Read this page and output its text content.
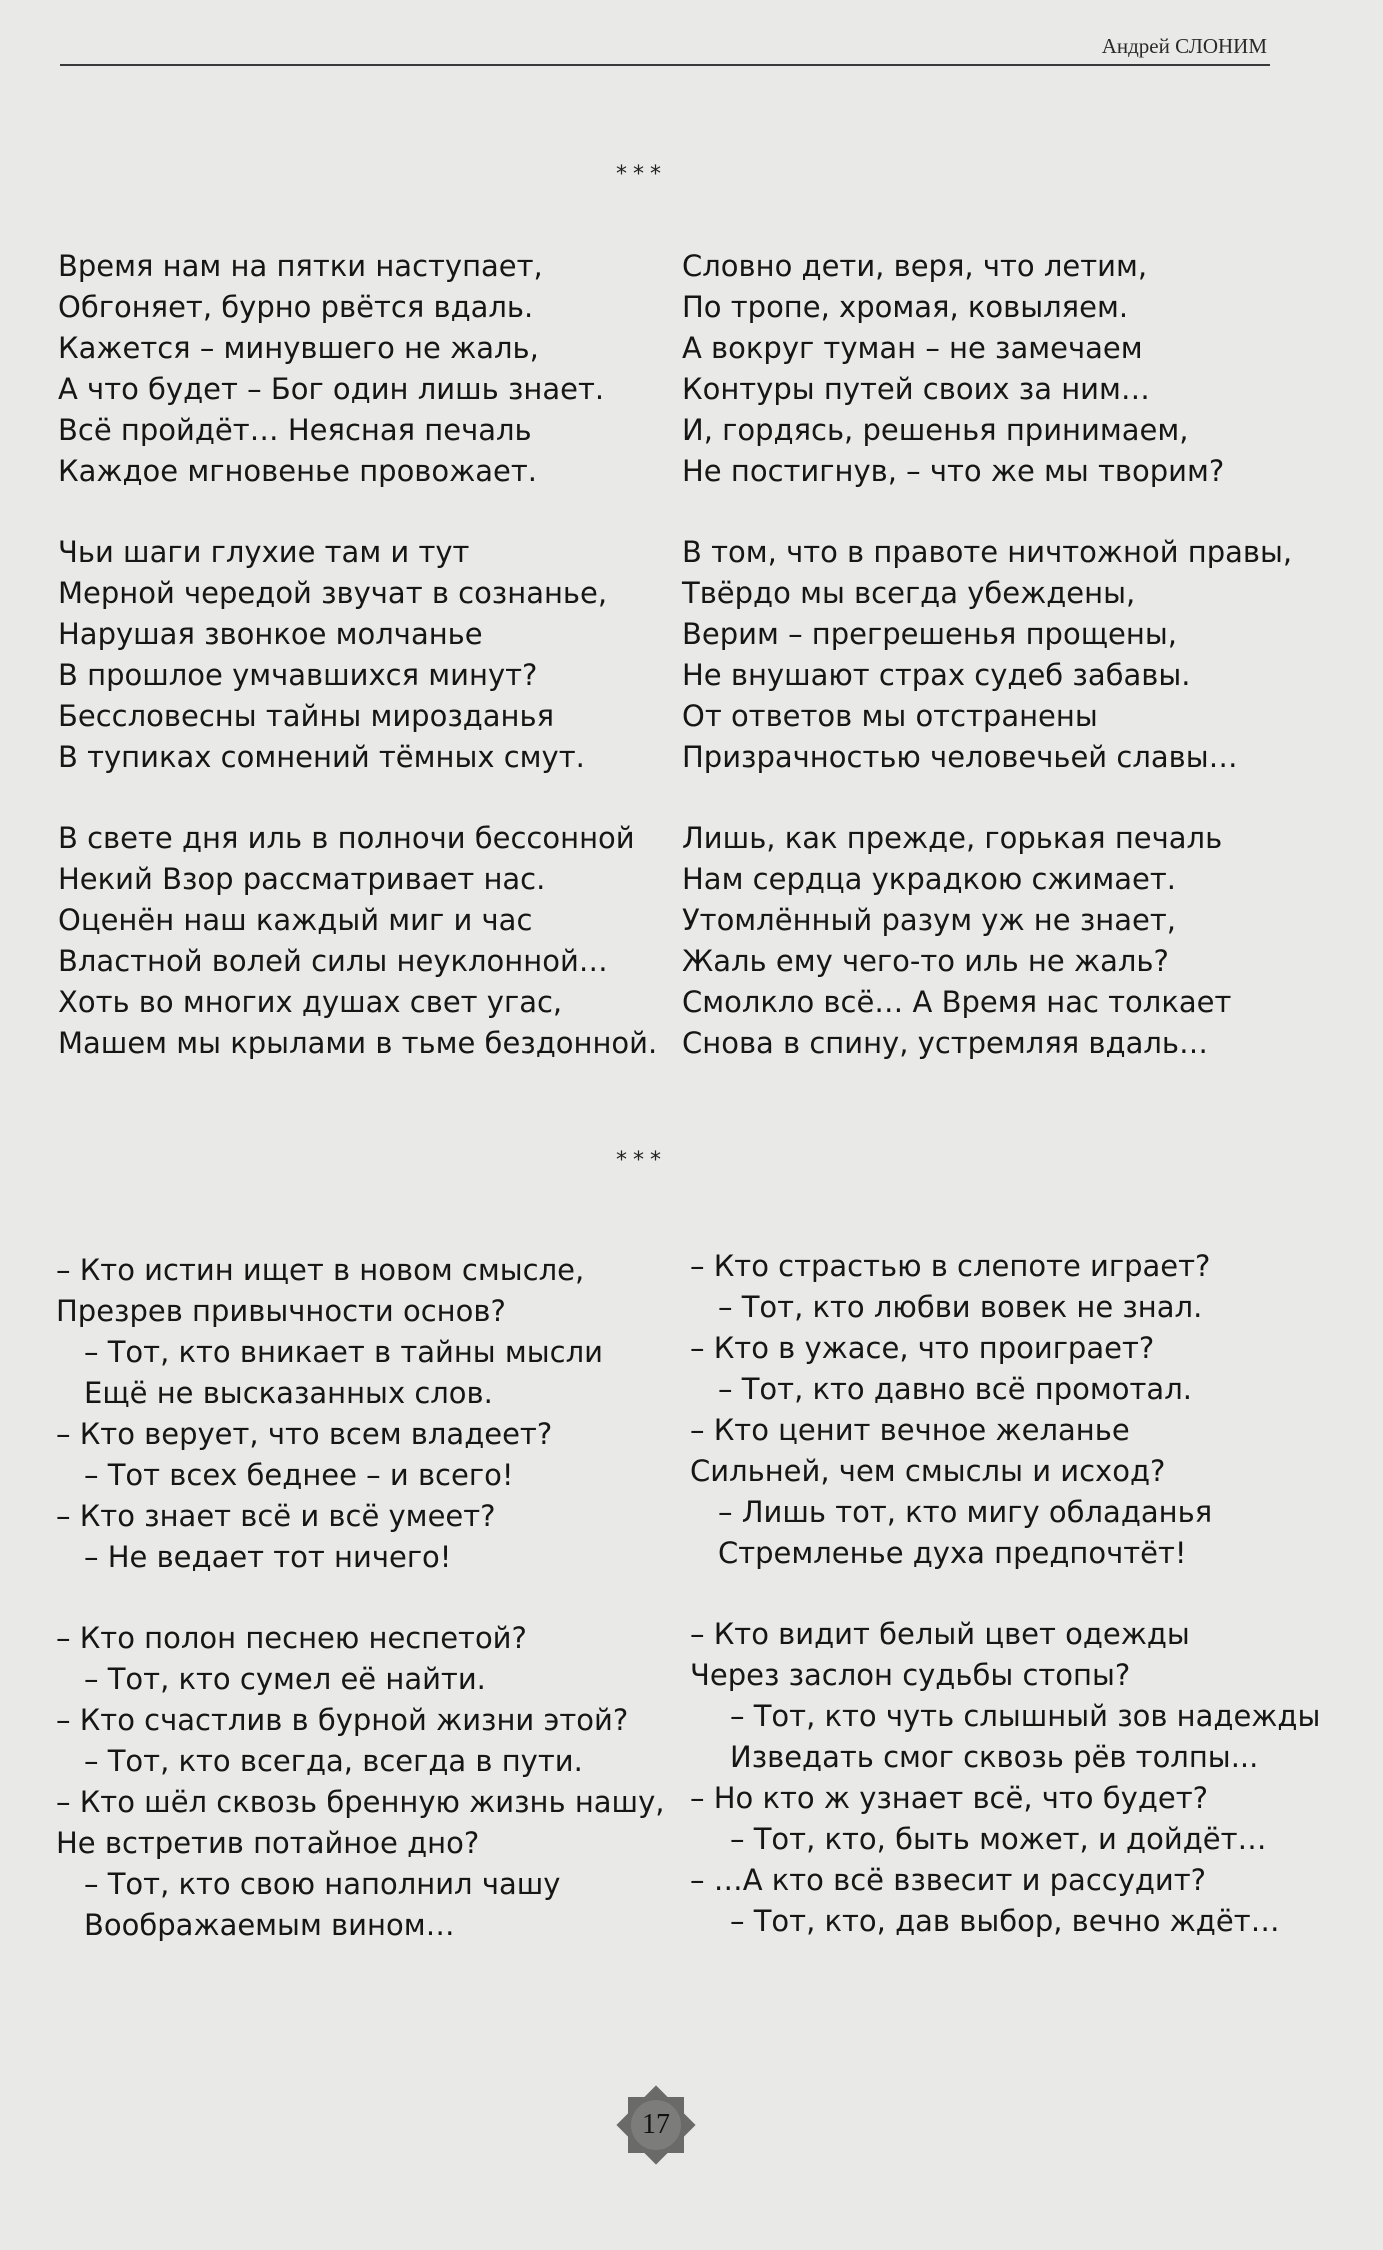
Андрей СЛОНИМ
***
Время нам на пятки наступает,
Обгоняет, бурно рвётся вдаль.
Кажется – минувшего не жаль,
А что будет – Бог один лишь знает.
Всё пройдёт… Неясная печаль
Каждое мгновенье провожает.
Чьи шаги глухие там и тут
Мерной чередой звучат в сознанье,
Нарушая звонкое молчанье
В прошлое умчавшихся минут?
Бессловесны тайны мирозданья
В тупиках сомнений тёмных смут.
В свете дня иль в полночи бессонной
Некий Взор рассматривает нас.
Оценён наш каждый миг и час
Властной волей силы неуклонной…
Хоть во многих душах свет угас,
Машем мы крылами в тьме бездонной.
Словно дети, веря, что летим,
По тропе, хромая, ковыляем.
А вокруг туман – не замечаем
Контуры путей своих за ним…
И, гордясь, решенья принимаем,
Не постигнув, – что же мы творим?
В том, что в правоте ничтожной правы,
Твёрдо мы всегда убеждены,
Верим – прегрешенья прощены,
Не внушают страх судеб забавы.
От ответов мы отстранены
Призрачностью человечьей славы…
Лишь, как прежде, горькая печаль
Нам сердца украдкою сжимает.
Утомлённый разум уж не знает,
Жаль ему чего-то иль не жаль?
Смолкло всё… А Время нас толкает
Снова в спину, устремляя вдаль…
***
– Кто истин ищет в новом смысле,
Презрев привычности основ?
– Тот, кто вникает в тайны мысли
Ещё не высказанных слов.
– Кто верует, что всем владеет?
– Тот всех беднее – и всего!
– Кто знает всё и всё умеет?
– Не ведает тот ничего!
– Кто полон песнею неспетой?
– Тот, кто сумел её найти.
– Кто счастлив в бурной жизни этой?
– Тот, кто всегда, всегда в пути.
– Кто шёл сквозь бренную жизнь нашу,
Не встретив потайное дно?
– Тот, кто свою наполнил чашу
Воображаемым вином…
– Кто страстью в слепоте играет?
– Тот, кто любви вовек не знал.
– Кто в ужасе, что проиграет?
– Тот, кто давно всё промотал.
– Кто ценит вечное желанье
Сильней, чем смыслы и исход?
– Лишь тот, кто мигу обладанья
Стремленье духа предпочтёт!
– Кто видит белый цвет одежды
Через заслон судьбы стопы?
– Тот, кто чуть слышный зов надежды
Изведать смог сквозь рёв толпы...
– Но кто ж узнает всё, что будет?
– Тот, кто, быть может, и дойдёт…
– …А кто всё взвесит и рассудит?
– Тот, кто, дав выбор, вечно ждёт…
17
